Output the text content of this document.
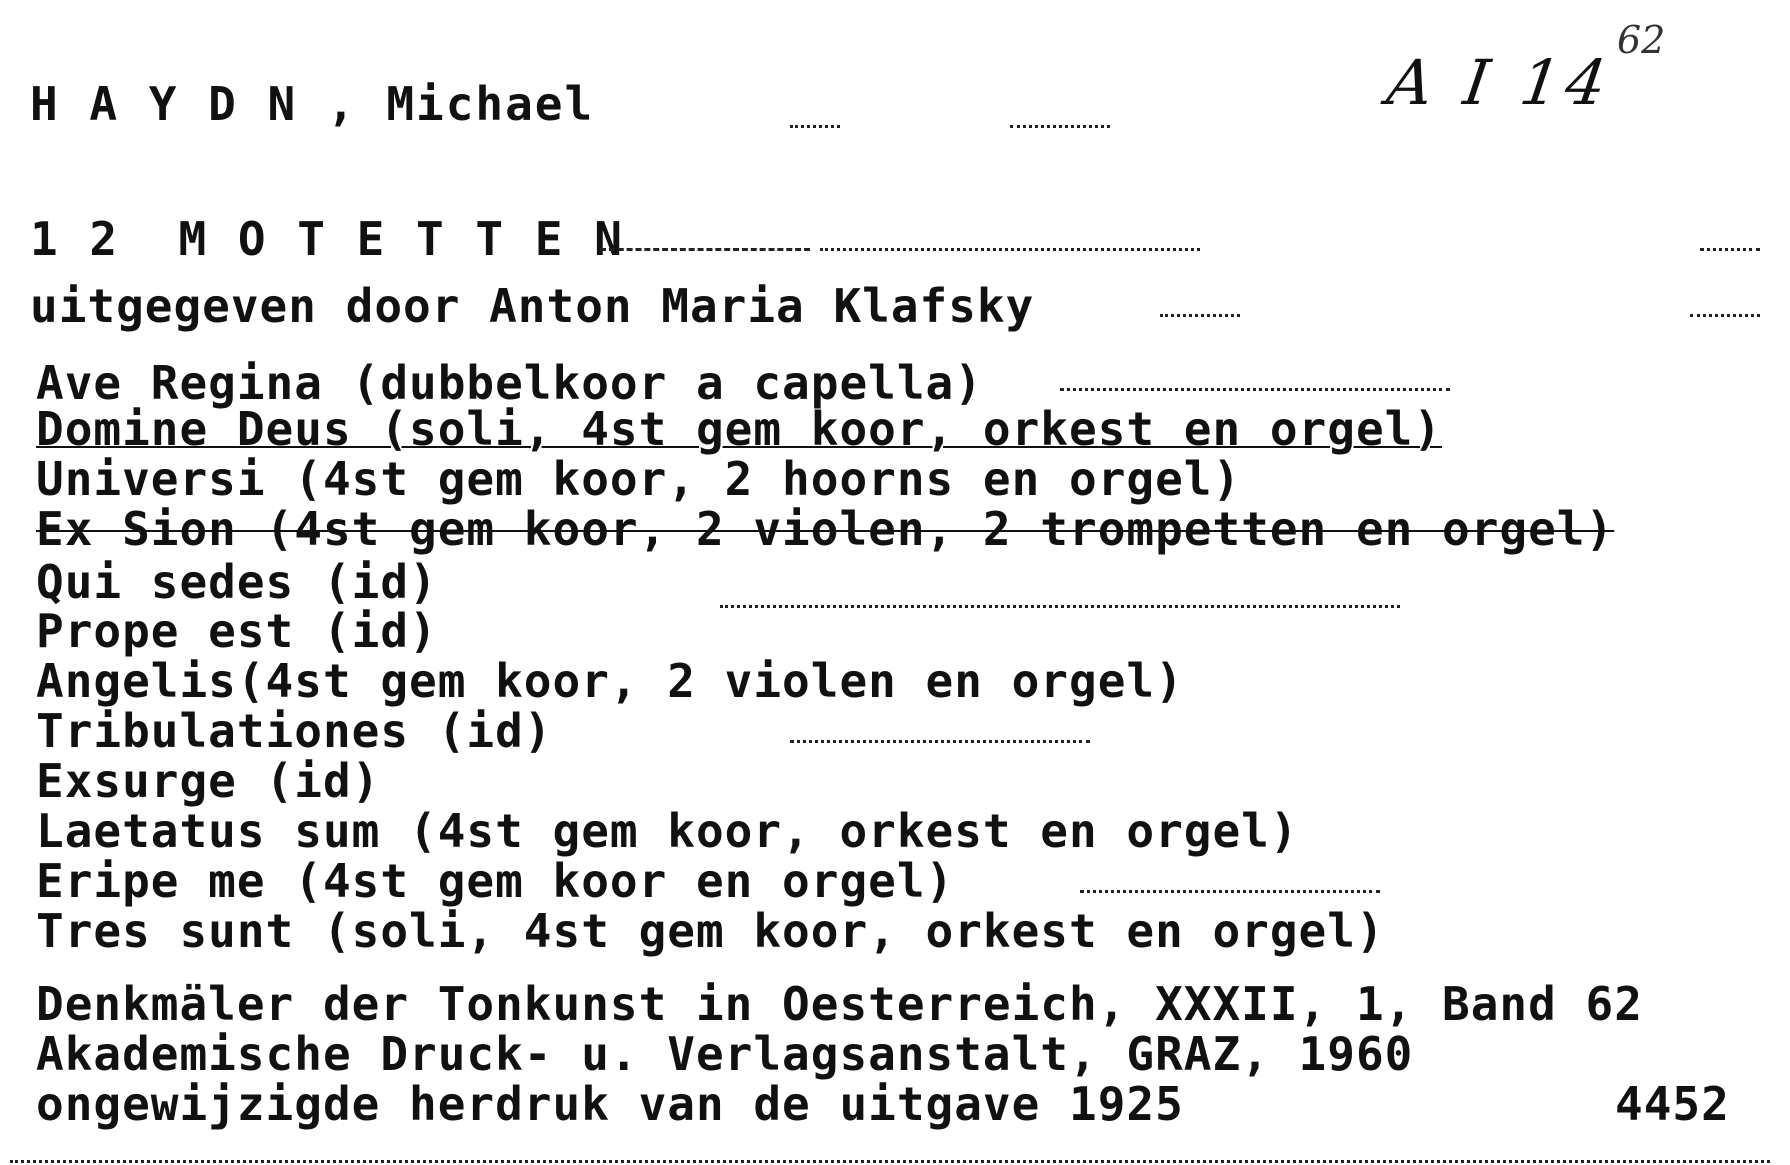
H A Y D N , Michael	A I 14
62
1 2  M O T E T T E N
uitgegeven door Anton Maria Klafsky
Ave Regina (dubbelkoor a capella)
Domine Deus (soli, 4st gem koor, orkest en orgel)
Universi (4st gem koor, 2 hoorns en orgel)
Ex Sion (4st gem koor, 2 violen, 2 trompetten en orgel)
Qui sedes (id)
Prope est (id)
Angelis(4st gem koor, 2 violen en orgel)
Tribulationes (id)
Exsurge (id)
Laetatus sum (4st gem koor, orkest en orgel)
Eripe me (4st gem koor en orgel)
Tres sunt (soli, 4st gem koor, orkest en orgel)
Denkmäler der Tonkunst in Oesterreich, XXXII, 1, Band 62
Akademische Druck- u. Verlagsanstalt, GRAZ, 1960
ongewijzigde herdruk van de uitgave 1925	4452
